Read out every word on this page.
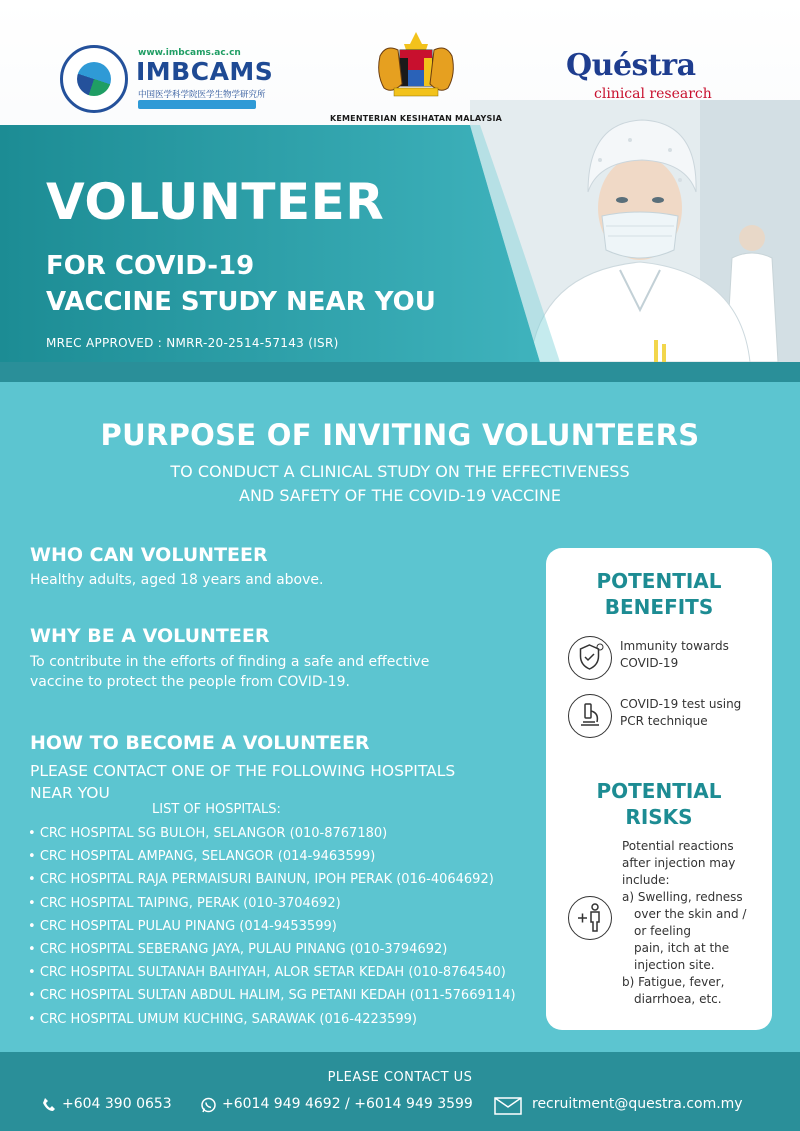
www.imbcams.ac.cn
IMBCAMS
中国医学科学院医学生物学研究所
KEMENTERIAN KESIHATAN MALAYSIA
Quéstra
clinical research
VOLUNTEER
FOR COVID-19
VACCINE STUDY NEAR YOU
MREC APPROVED : NMRR-20-2514-57143 (ISR)
PURPOSE OF INVITING VOLUNTEERS
TO CONDUCT A CLINICAL STUDY ON THE EFFECTIVENESS
AND SAFETY OF THE COVID-19 VACCINE
WHO CAN VOLUNTEER
Healthy adults, aged 18 years and above.
WHY BE A VOLUNTEER
To contribute in the efforts of finding a safe and effective
vaccine to protect the people from COVID-19.
HOW TO BECOME A VOLUNTEER
PLEASE CONTACT ONE OF THE FOLLOWING HOSPITALS
NEAR YOU
LIST OF HOSPITALS:
• CRC HOSPITAL SG BULOH, SELANGOR (010-8767180)
• CRC HOSPITAL AMPANG, SELANGOR (014-9463599)
• CRC HOSPITAL RAJA PERMAISURI BAINUN, IPOH PERAK (016-4064692)
• CRC HOSPITAL TAIPING, PERAK (010-3704692)
• CRC HOSPITAL PULAU PINANG (014-9453599)
• CRC HOSPITAL SEBERANG JAYA, PULAU PINANG (010-3794692)
• CRC HOSPITAL SULTANAH BAHIYAH, ALOR SETAR KEDAH (010-8764540)
• CRC HOSPITAL SULTAN ABDUL HALIM, SG PETANI KEDAH (011-57669114)
• CRC HOSPITAL UMUM KUCHING, SARAWAK (016-4223599)
POTENTIAL
BENEFITS
Immunity towards
COVID-19
COVID-19 test using
PCR technique
POTENTIAL
RISKS
Potential reactions
after injection may
include:
a) Swelling, redness
over the skin and /
or feeling
pain, itch at the
injection site.
b) Fatigue, fever,
diarrhoea, etc.
PLEASE CONTACT US
+604 390 0653	+6014 949 4692 / +6014 949 3599	recruitment@questra.com.my
